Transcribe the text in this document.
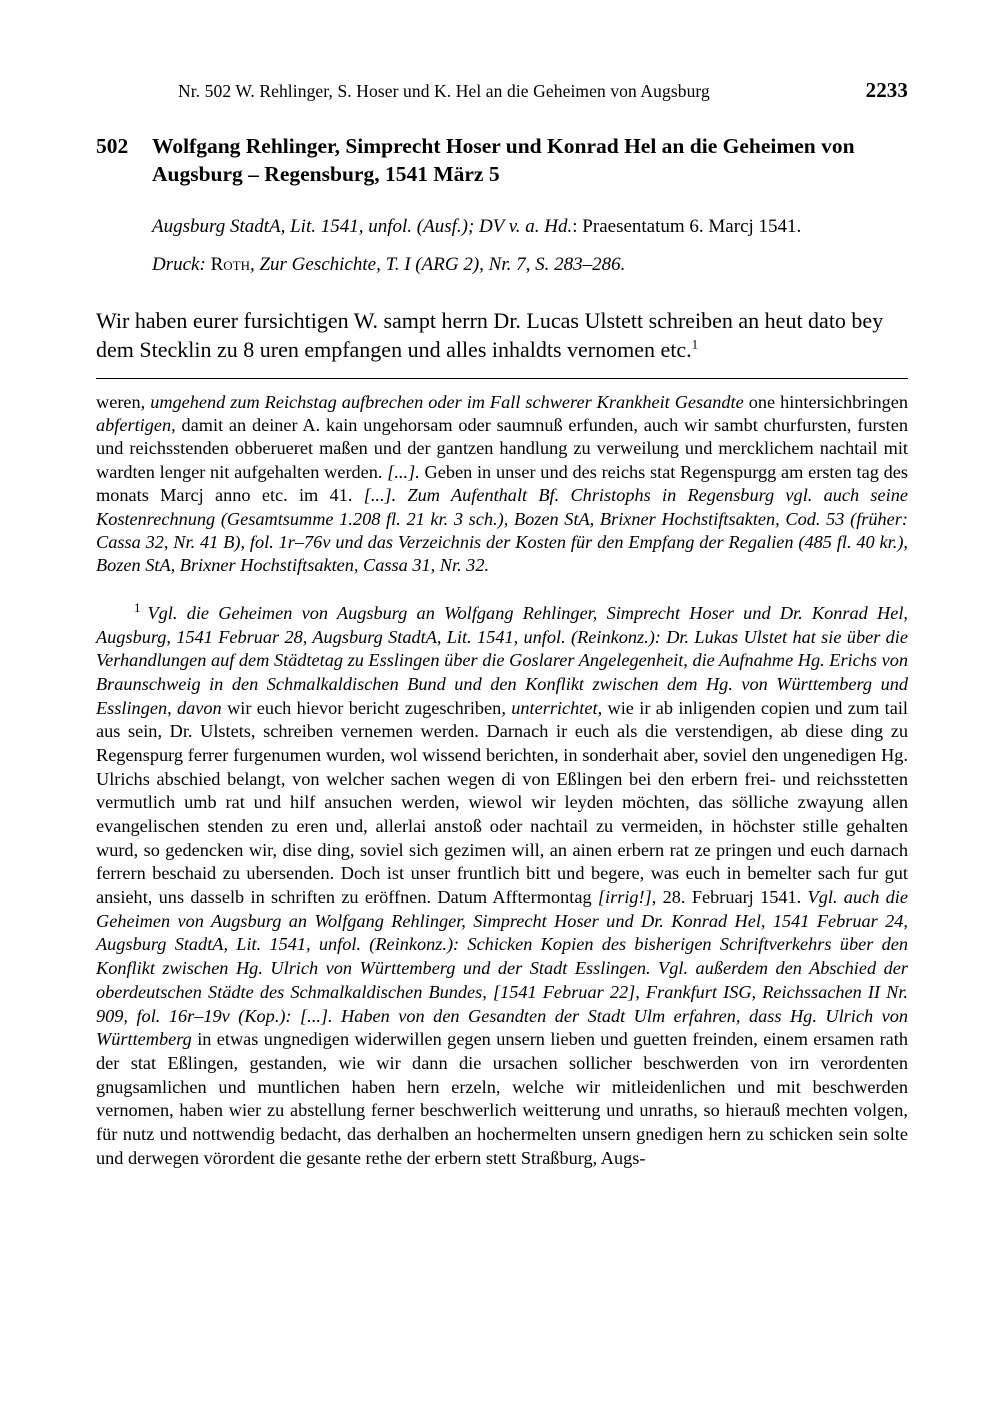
Nr. 502 W. Rehlinger, S. Hoser und K. Hel an die Geheimen von Augsburg	2233
502	Wolfgang Rehlinger, Simprecht Hoser und Konrad Hel an die Geheimen von Augsburg – Regensburg, 1541 März 5

Augsburg StadtA, Lit. 1541, unfol. (Ausf.); DV v. a. Hd.: Praesentatum 6. Marcj 1541.

Druck: Roth, Zur Geschichte, T. I (ARG 2), Nr. 7, S. 283–286.

Wir haben eurer fursichtigen W. sampt herrn Dr. Lucas Ulstett schreiben an heut dato bey dem Stecklin zu 8 uren empfangen und alles inhaldts vernomen etc.$^1$

weren, umgehend zum Reichstag aufbrechen oder im Fall schwerer Krankheit Gesandte one hintersichbringen abfertigen, damit an deiner A. kain ungehorsam oder saumnuß erfunden, auch wir sambt churfursten, fursten und reichsstenden obberueret maßen und der gantzen handlung zu verweilung und mercklichem nachtail mit wardten lenger nit aufgehalten werden. [...]. Geben in unser und des reichs stat Regenspurgg am ersten tag des monats Marcj anno etc. im 41. [...]. Zum Aufenthalt Bf. Christophs in Regensburg vgl. auch seine Kostenrechnung (Gesamtsumme 1.208 fl. 21 kr. 3 sch.), Bozen StA, Brixner Hochstiftsakten, Cod. 53 (früher: Cassa 32, Nr. 41 B), fol. 1r–76v und das Verzeichnis der Kosten für den Empfang der Regalien (485 fl. 40 kr.), Bozen StA, Brixner Hochstiftsakten, Cassa 31, Nr. 32.

$^1$ Vgl. die Geheimen von Augsburg an Wolfgang Rehlinger, Simprecht Hoser und Dr. Konrad Hel, Augsburg, 1541 Februar 28, Augsburg StadtA, Lit. 1541, unfol. (Reinkonz.): Dr. Lukas Ulstet hat sie über die Verhandlungen auf dem Städtetag zu Esslingen über die Goslarer Angelegenheit, die Aufnahme Hg. Erichs von Braunschweig in den Schmalkaldischen Bund und den Konflikt zwischen dem Hg. von Württemberg und Esslingen, davon wir euch hievor bericht zugeschriben, unterrichtet, wie ir ab inligenden copien und zum tail aus sein, Dr. Ulstets, schreiben vernemen werden. Darnach ir euch als die verstendigen, ab diese ding zu Regenspurg ferrer furgenumen wurden, wol wissend berichten, in sonderhait aber, soviel den ungenedigen Hg. Ulrichs abschied belangt, von welcher sachen wegen di von Eßlingen bei den erbern frei- und reichsstetten vermutlich umb rat und hilf ansuchen werden, wiewol wir leyden möchten, das sölliche zwayung allen evangelischen stenden zu eren und, allerlai anstoß oder nachtail zu vermeiden, in höchster stille gehalten wurd, so gedencken wir, dise ding, soviel sich gezimen will, an ainen erbern rat ze pringen und euch darnach ferrern beschaid zu ubersenden. Doch ist unser fruntlich bitt und begere, was euch in bemelter sach fur gut ansieht, uns dasselb in schriften zu eröffnen. Datum Afftermontag [irrig!], 28. Februarj 1541. Vgl. auch die Geheimen von Augsburg an Wolfgang Rehlinger, Simprecht Hoser und Dr. Konrad Hel, 1541 Februar 24, Augsburg StadtA, Lit. 1541, unfol. (Reinkonz.): Schicken Kopien des bisherigen Schriftverkehrs über den Konflikt zwischen Hg. Ulrich von Württemberg und der Stadt Esslingen. Vgl. außerdem den Abschied der oberdeutschen Städte des Schmalkaldischen Bundes, [1541 Februar 22], Frankfurt ISG, Reichssachen II Nr. 909, fol. 16r–19v (Kop.): [...]. Haben von den Gesandten der Stadt Ulm erfahren, dass Hg. Ulrich von Württemberg in etwas ungnedigen widerwillen gegen unsern lieben und guetten freinden, einem ersamen rath der stat Eßlingen, gestanden, wie wir dann die ursachen sollicher beschwerden von irn verordenten gnugsamlichen und muntlichen haben hern erzeln, welche wir mitleidenlichen und mit beschwerden vernomen, haben wier zu abstellung ferner beschwerlich weitterung und unraths, so hierauß mechten volgen, für nutz und nottwendig bedacht, das derhalben an hochermelten unsern gnedigen hern zu schicken sein solte und derwegen vörordent die gesante rethe der erbern stett Straßburg, Augs-
